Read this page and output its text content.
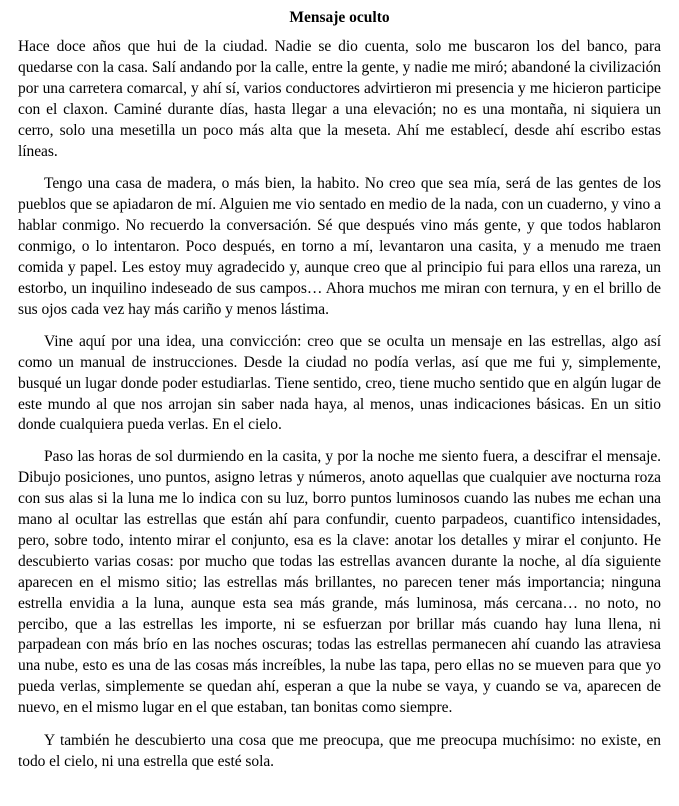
Mensaje oculto

Hace doce años que hui de la ciudad. Nadie se dio cuenta, solo me buscaron los del banco, para quedarse con la casa. Salí andando por la calle, entre la gente, y nadie me miró; abandoné la civilización por una carretera comarcal, y ahí sí, varios conductores advirtieron mi presencia y me hicieron participe con el claxon. Caminé durante días, hasta llegar a una elevación; no es una montaña, ni siquiera un cerro, solo una mesetilla un poco más alta que la meseta. Ahí me establecí, desde ahí escribo estas líneas.

Tengo una casa de madera, o más bien, la habito. No creo que sea mía, será de las gentes de los pueblos que se apiadaron de mí. Alguien me vio sentado en medio de la nada, con un cuaderno, y vino a hablar conmigo. No recuerdo la conversación. Sé que después vino más gente, y que todos hablaron conmigo, o lo intentaron. Poco después, en torno a mí, levantaron una casita, y a menudo me traen comida y papel. Les estoy muy agradecido y, aunque creo que al principio fui para ellos una rareza, un estorbo, un inquilino indeseado de sus campos… Ahora muchos me miran con ternura, y en el brillo de sus ojos cada vez hay más cariño y menos lástima.

Vine aquí por una idea, una convicción: creo que se oculta un mensaje en las estrellas, algo así como un manual de instrucciones. Desde la ciudad no podía verlas, así que me fui y, simplemente, busqué un lugar donde poder estudiarlas. Tiene sentido, creo, tiene mucho sentido que en algún lugar de este mundo al que nos arrojan sin saber nada haya, al menos, unas indicaciones básicas. En un sitio donde cualquiera pueda verlas. En el cielo.

Paso las horas de sol durmiendo en la casita, y por la noche me siento fuera, a descifrar el mensaje. Dibujo posiciones, uno puntos, asigno letras y números, anoto aquellas que cualquier ave nocturna roza con sus alas si la luna me lo indica con su luz, borro puntos luminosos cuando las nubes me echan una mano al ocultar las estrellas que están ahí para confundir, cuento parpadeos, cuantifico intensidades, pero, sobre todo, intento mirar el conjunto, esa es la clave: anotar los detalles y mirar el conjunto. He descubierto varias cosas: por mucho que todas las estrellas avancen durante la noche, al día siguiente aparecen en el mismo sitio; las estrellas más brillantes, no parecen tener más importancia; ninguna estrella envidia a la luna, aunque esta sea más grande, más luminosa, más cercana… no noto, no percibo, que a las estrellas les importe, ni se esfuerzan por brillar más cuando hay luna llena, ni parpadean con más brío en las noches oscuras; todas las estrellas permanecen ahí cuando las atraviesa una nube, esto es una de las cosas más increíbles, la nube las tapa, pero ellas no se mueven para que yo pueda verlas, simplemente se quedan ahí, esperan a que la nube se vaya, y cuando se va, aparecen de nuevo, en el mismo lugar en el que estaban, tan bonitas como siempre.

Y también he descubierto una cosa que me preocupa, que me preocupa muchísimo: no existe, en todo el cielo, ni una estrella que esté sola.
